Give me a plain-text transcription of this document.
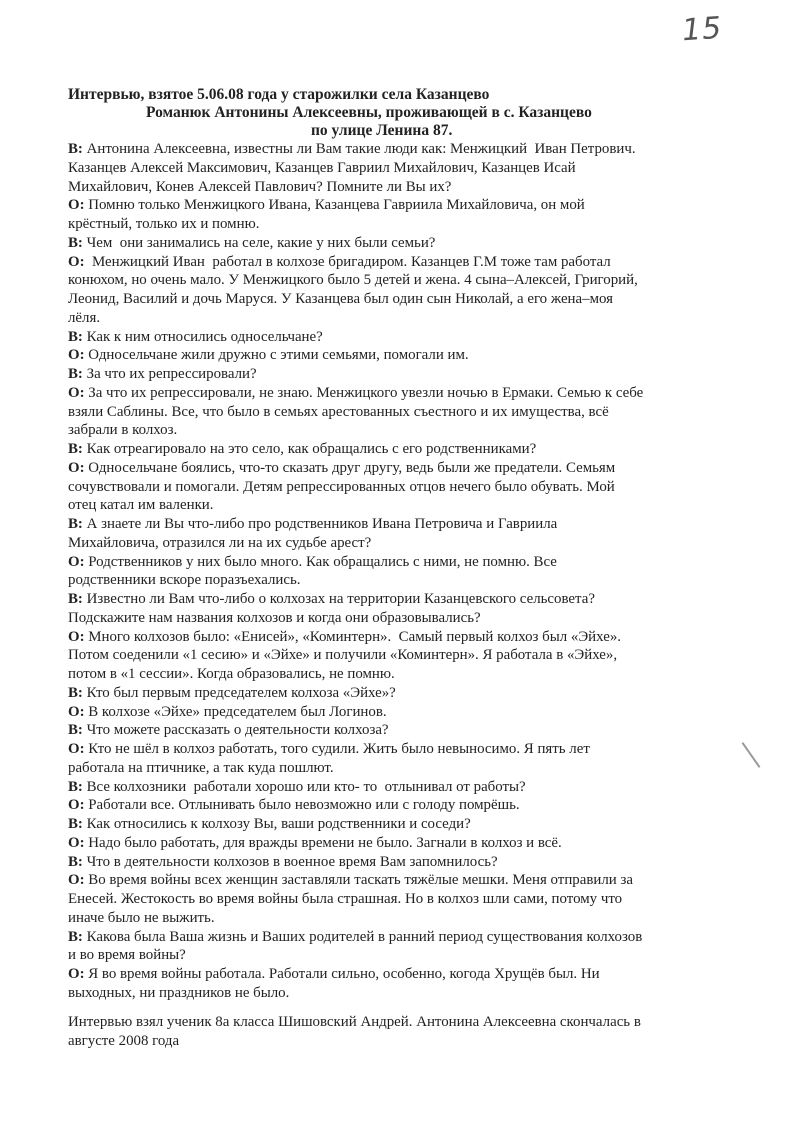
15
Интервью, взятое 5.06.08 года у старожилки села Казанцево
Романюк Антонины Алексеевны, проживающей в с. Казанцево
по улице Ленина 87.
В: Антонина Алексеевна, известны ли Вам такие люди как: Менжицкий  Иван Петрович.
Казанцев Алексей Максимович, Казанцев Гавриил Михайлович, Казанцев Исай
Михайлович, Конев Алексей Павлович? Помните ли Вы их?
О: Помню только Менжицкого Ивана, Казанцева Гавриила Михайловича, он мой
крёстный, только их и помню.
В: Чем  они занимались на селе, какие у них были семьи?
О:  Менжицкий Иван  работал в колхозе бригадиром. Казанцев Г.М тоже там работал
конюхом, но очень мало. У Менжицкого было 5 детей и жена. 4 сына–Алексей, Григорий,
Леонид, Василий и дочь Маруся. У Казанцева был один сын Николай, а его жена–моя
лёля.
В: Как к ним относились односельчане?
О: Односельчане жили дружно с этими семьями, помогали им.
В: За что их репрессировали?
О: За что их репрессировали, не знаю. Менжицкого увезли ночью в Ермаки. Семью к себе
взяли Саблины. Все, что было в семьях арестованных съестного и их имущества, всё
забрали в колхоз.
В: Как отреагировало на это село, как обращались с его родственниками?
О: Односельчане боялись, что-то сказать друг другу, ведь были же предатели. Семьям
сочувствовали и помогали. Детям репрессированных отцов нечего было обувать. Мой
отец катал им валенки.
В: А знаете ли Вы что-либо про родственников Ивана Петровича и Гавриила
Михайловича, отразился ли на их судьбе арест?
О: Родственников у них было много. Как обращались с ними, не помню. Все
родственники вскоре поразъехались.
В: Известно ли Вам что-либо о колхозах на территории Казанцевского сельсовета?
Подскажите нам названия колхозов и когда они образовывались?
О: Много колхозов было: «Енисей», «Коминтерн».  Самый первый колхоз был «Эйхе».
Потом соеденили «1 сесию» и «Эйхе» и получили «Коминтерн». Я работала в «Эйхе»,
потом в «1 сессии». Когда образовались, не помню.
В: Кто был первым председателем колхоза «Эйхе»?
О: В колхозе «Эйхе» председателем был Логинов.
В: Что можете рассказать о деятельности колхоза?
О: Кто не шёл в колхоз работать, того судили. Жить было невыносимо. Я пять лет
работала на птичнике, а так куда пошлют.
В: Все колхозники  работали хорошо или кто- то  отлынивал от работы?
О: Работали все. Отлынивать было невозможно или с голоду помрёшь.
В: Как относились к колхозу Вы, ваши родственники и соседи?
О: Надо было работать, для вражды времени не было. Загнали в колхоз и всё.
В: Что в деятельности колхозов в военное время Вам запомнилось?
О: Во время войны всех женщин заставляли таскать тяжёлые мешки. Меня отправили за
Енесей. Жестокость во время войны была страшная. Но в колхоз шли сами, потому что
иначе было не выжить.
В: Какова была Ваша жизнь и Ваших родителей в ранний период существования колхозов
и во время войны?
О: Я во время войны работала. Работали сильно, особенно, когода Хрущёв был. Ни
выходных, ни праздников не было.
Интервью взял ученик 8а класса Шишовский Андрей. Антонина Алексеевна скончалась в
августе 2008 года
